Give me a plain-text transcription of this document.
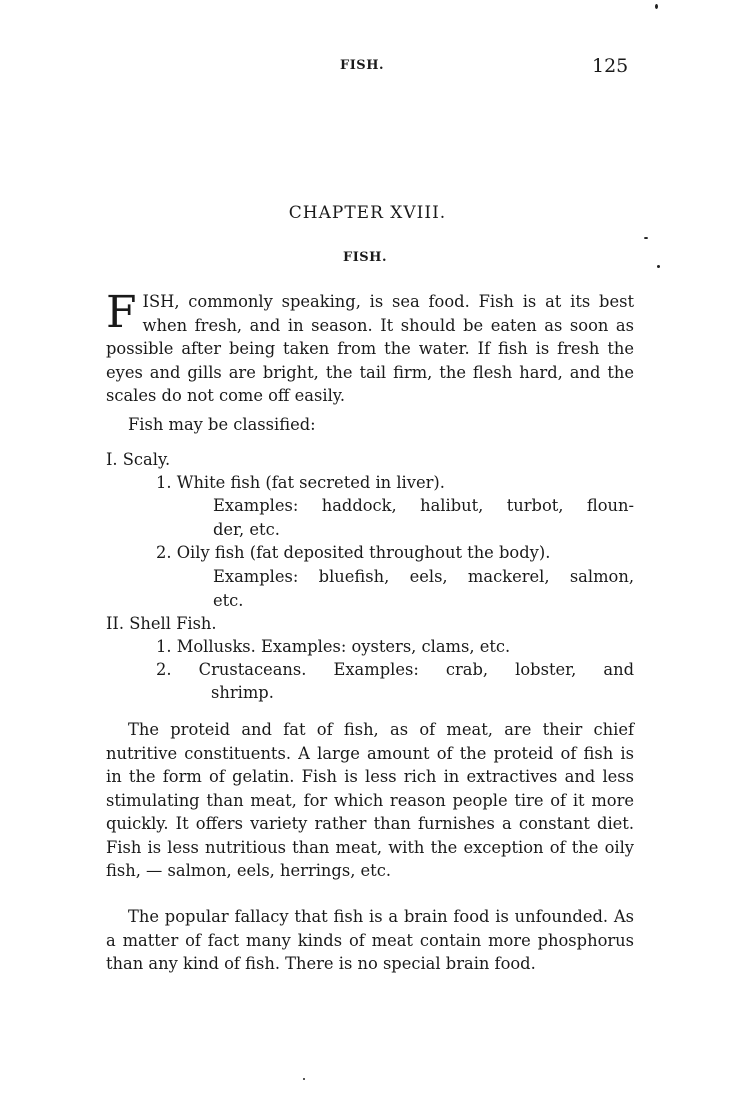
FISH.	125
CHAPTER XVIII.
FISH.
FISH, commonly speaking, is sea food. Fish is at its best when fresh, and in season. It should be eaten as soon as possible after being taken from the water. If fish is fresh the eyes and gills are bright, the tail firm, the flesh hard, and the scales do not come off easily.
Fish may be classified:
I. Scaly.
1. White fish (fat secreted in liver).
Examples: haddock, halibut, turbot, floun-
der, etc.
2. Oily fish (fat deposited throughout the body).
Examples: bluefish, eels, mackerel, salmon,
etc.
II. Shell Fish.
1. Mollusks. Examples: oysters, clams, etc.
2. Crustaceans. Examples: crab, lobster, and
shrimp.
The proteid and fat of fish, as of meat, are their chief nutritive constituents. A large amount of the proteid of fish is in the form of gelatin. Fish is less rich in extractives and less stimulating than meat, for which reason people tire of it more quickly. It offers variety rather than furnishes a constant diet. Fish is less nutritious than meat, with the exception of the oily fish, — salmon, eels, herrings, etc.
The popular fallacy that fish is a brain food is unfounded. As a matter of fact many kinds of meat contain more phosphorus than any kind of fish. There is no special brain food.
